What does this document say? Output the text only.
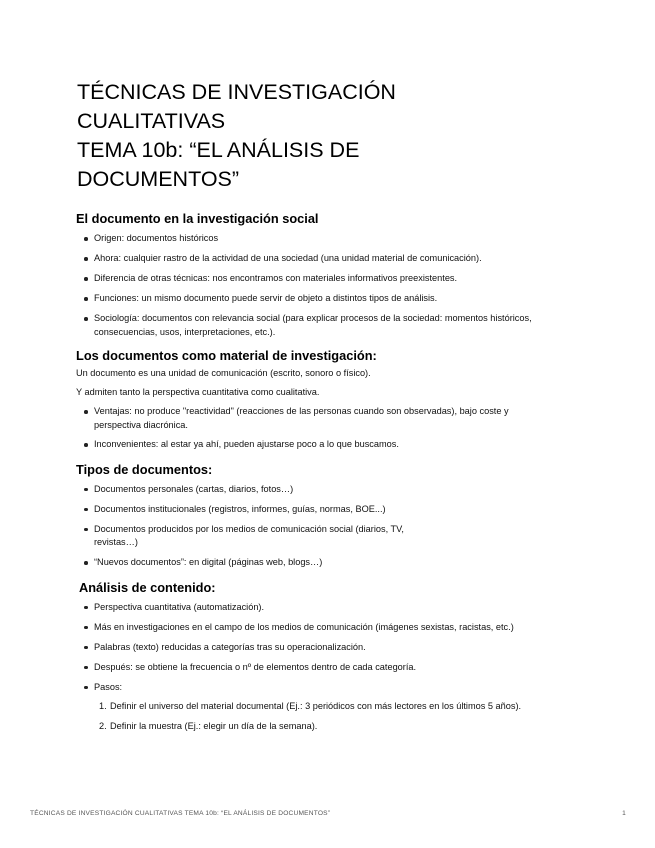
TÉCNICAS DE INVESTIGACIÓN
CUALITATIVAS
TEMA 10b: “EL ANÁLISIS DE
DOCUMENTOS”
El documento en la investigación social
Origen: documentos históricos
Ahora: cualquier rastro de la actividad de una sociedad (una unidad material de comunicación).
Diferencia de otras técnicas: nos encontramos con materiales informativos preexistentes.
Funciones: un mismo documento puede servir de objeto a distintos tipos de análisis.
Sociología: documentos con relevancia social (para explicar procesos de la sociedad: momentos históricos,
consecuencias, usos, interpretaciones, etc.).
Los documentos como material de investigación:

Un documento es una unidad de comunicación (escrito, sonoro o físico).

Y admiten tanto la perspectiva cuantitativa como cualitativa.

Ventajas: no produce "reactividad" (reacciones de las personas cuando son observadas), bajo coste y
perspectiva diacrónica.
Inconvenientes: al estar ya ahí, pueden ajustarse poco a lo que buscamos.
Tipos de documentos:
Documentos personales (cartas, diarios, fotos…)
Documentos institucionales (registros, informes, guías, normas, BOE...)
Documentos producidos por los medios de comunicación social (diarios, TV,
revistas…)
“Nuevos documentos”: en digital (páginas web, blogs…)
Análisis de contenido:
Perspectiva cuantitativa (automatización).
Más en investigaciones en el campo de los medios de comunicación (imágenes sexistas, racistas, etc.)
Palabras (texto) reducidas a categorías tras su operacionalización.
Después: se obtiene la frecuencia o nº de elementos dentro de cada categoría.
Pasos:
1. Definir el universo del material documental (Ej.: 3 periódicos con más lectores en los últimos 5 años).
2. Definir la muestra (Ej.: elegir un día de la semana).
TÉCNICAS DE INVESTIGACIÓN CUALITATIVAS TEMA 10b: “EL ANÁLISIS DE DOCUMENTOS”	1
